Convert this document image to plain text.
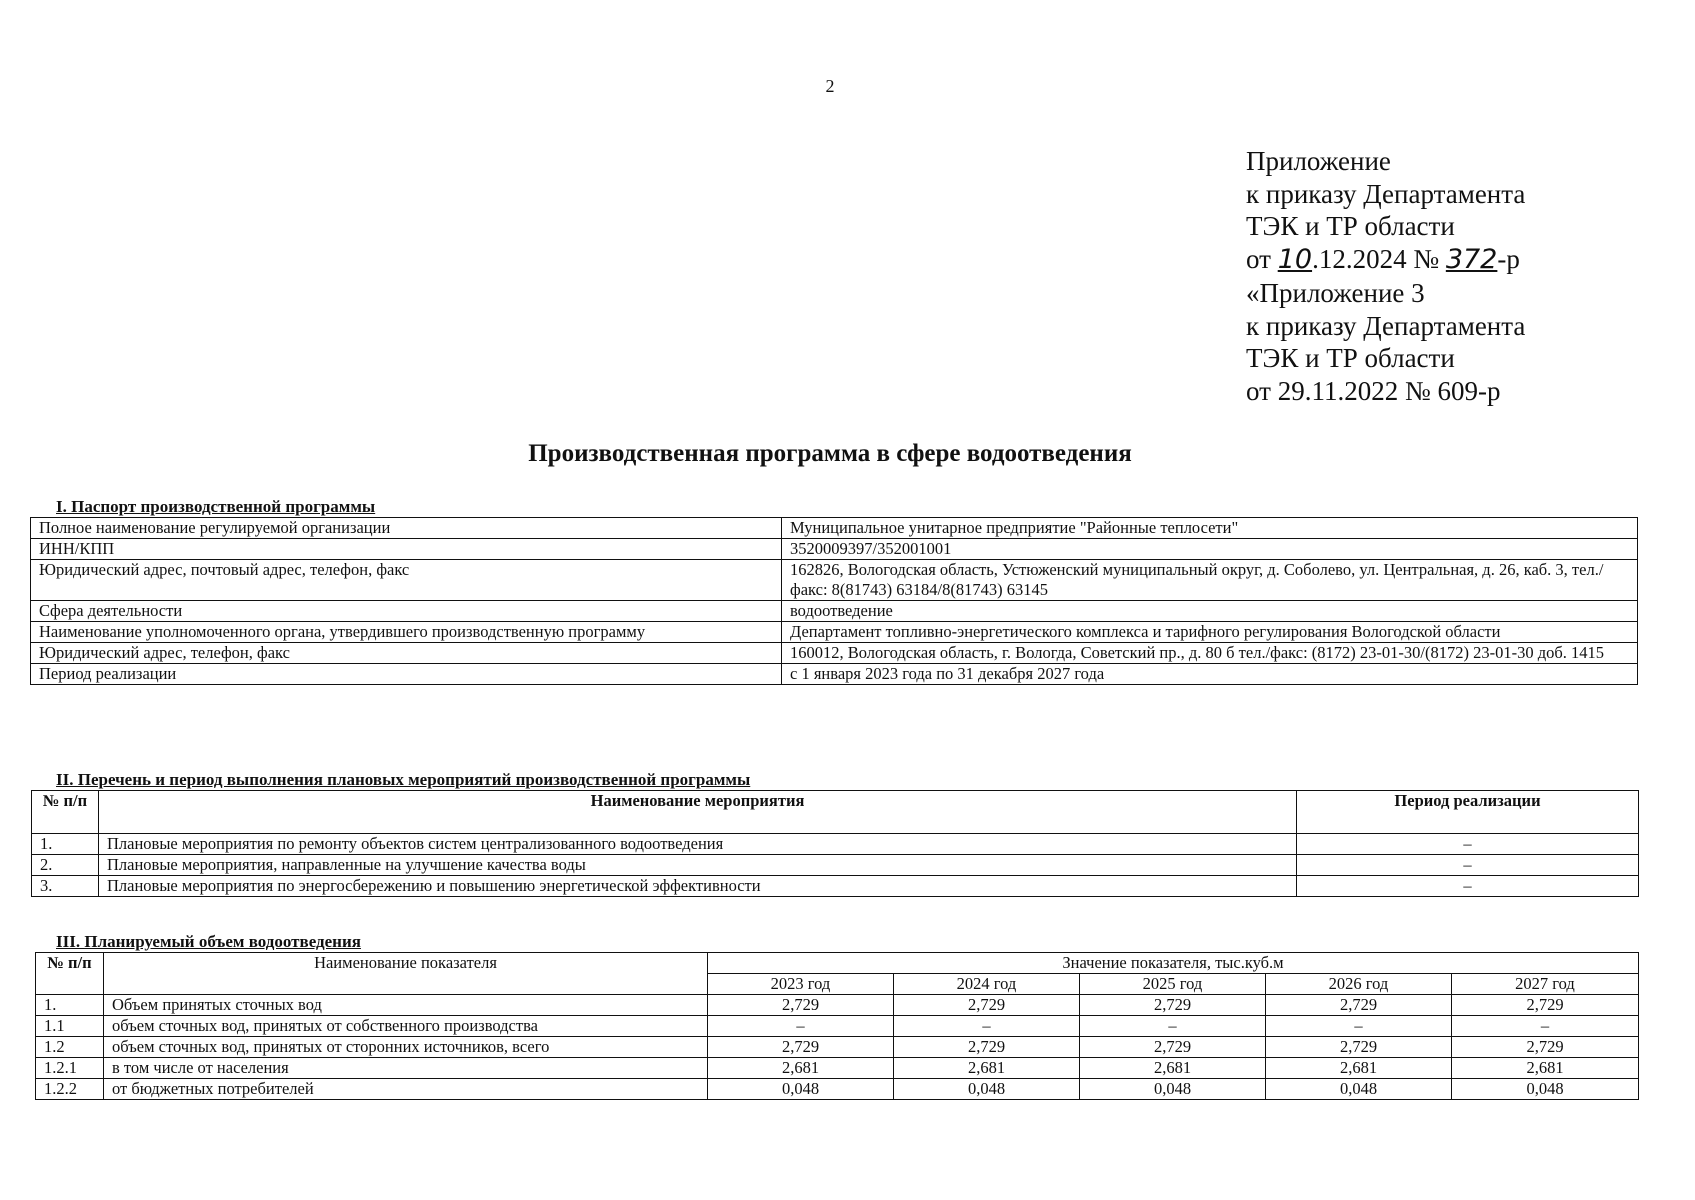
2
Приложение
к приказу Департамента
ТЭК и ТР области
от 10.12.2024 № 372-р
«Приложение 3
к приказу Департамента
ТЭК и ТР области
от 29.11.2022 № 609-р
Производственная программа в сфере водоотведения
I. Паспорт производственной программы
Полное наименование регулируемой организации	Муниципальное унитарное предприятие "Районные теплосети"
ИНН/КПП	3520009397/352001001
Юридический адрес, почтовый адрес, телефон, факс	162826, Вологодская область, Устюженский муниципальный округ, д. Соболево, ул. Центральная, д. 26, каб. 3, тел./факс: 8(81743) 63184/8(81743) 63145
Сфера деятельности	водоотведение
Наименование уполномоченного органа, утвердившего производственную программу	Департамент топливно-энергетического комплекса и тарифного регулирования Вологодской области
Юридический адрес, телефон, факс	160012, Вологодская область, г. Вологда, Советский пр., д. 80 б тел./факс: (8172) 23-01-30/(8172) 23-01-30 доб. 1415
Период реализации	с 1 января 2023 года по 31 декабря 2027 года
II. Перечень и период выполнения плановых мероприятий производственной программы
№ п/п	Наименование мероприятия	Период реализации
1.	Плановые мероприятия по ремонту объектов систем централизованного водоотведения	–
2.	Плановые мероприятия, направленные на улучшение качества воды	–
3.	Плановые мероприятия по энергосбережению и повышению энергетической эффективности	–
III. Планируемый объем водоотведения
№ п/п	Наименование показателя	Значение показателя, тыс.куб.м				
		2023 год	2024 год	2025 год	2026 год	2027 год
1.	Объем принятых сточных вод	2,729	2,729	2,729	2,729	2,729
1.1	объем сточных вод, принятых от собственного производства	–	–	–	–	–
1.2	объем сточных вод, принятых от сторонних источников, всего	2,729	2,729	2,729	2,729	2,729
1.2.1	в том числе от населения	2,681	2,681	2,681	2,681	2,681
1.2.2	от бюджетных потребителей	0,048	0,048	0,048	0,048	0,048
